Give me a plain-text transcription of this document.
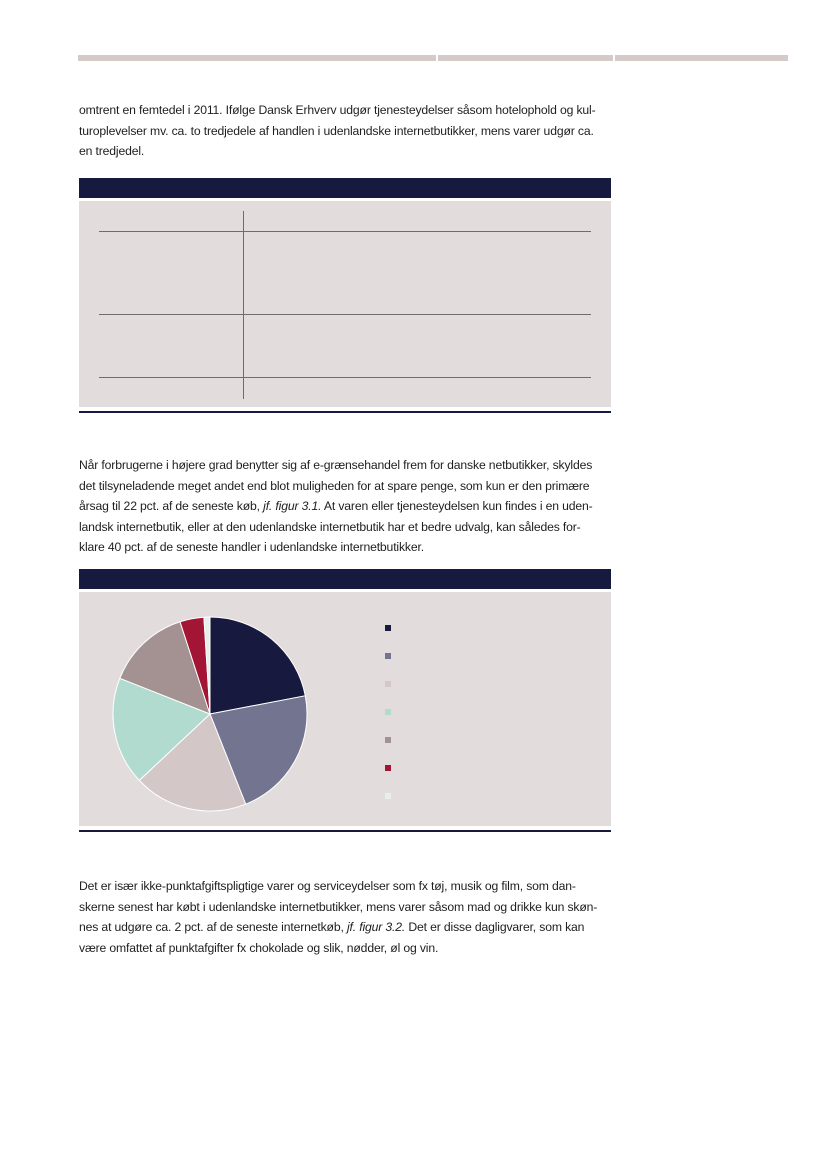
omtrent en femtedel i 2011. Ifølge Dansk Erhverv udgør tjenesteydelser såsom hotelophold og kul-
turoplevelser mv. ca. to tredjedele af handlen i udenlandske internetbutikker, mens varer udgør ca.
en tredjedel.
Når forbrugerne i højere grad benytter sig af e-grænsehandel frem for danske netbutikker, skyldes
det tilsyneladende meget andet end blot muligheden for at spare penge, som kun er den primære
årsag til 22 pct. af de seneste køb, jf. figur 3.1. At varen eller tjenesteydelsen kun findes i en uden-
landsk internetbutik, eller at den udenlandske internetbutik har et bedre udvalg, kan således for-
klare 40 pct. af de seneste handler i udenlandske internetbutikker.
Det er især ikke-punktafgiftspligtige varer og serviceydelser som fx tøj, musik og film, som dan-
skerne senest har købt i udenlandske internetbutikker, mens varer såsom mad og drikke kun skøn-
nes at udgøre ca. 2 pct. af de seneste internetkøb, jf. figur 3.2. Det er disse dagligvarer, som kan
være omfattet af punktafgifter fx chokolade og slik, nødder, øl og vin.
